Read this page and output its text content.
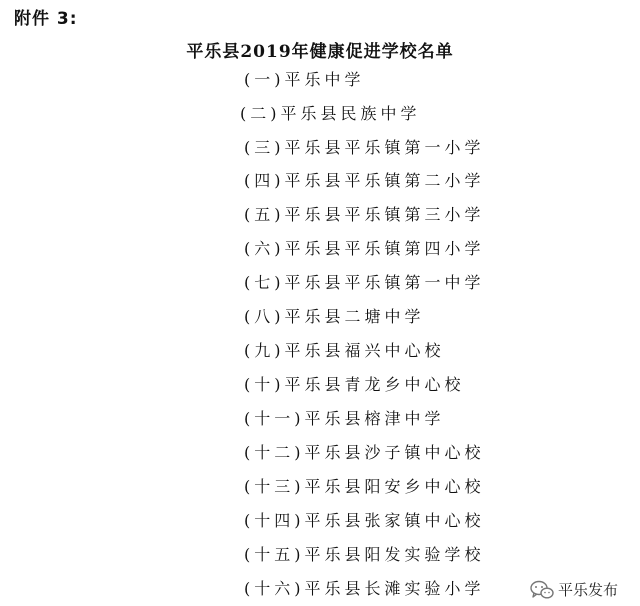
附件 3:
平乐县2019年健康促进学校名单
(一)平乐中学
(二)平乐县民族中学
(三)平乐县平乐镇第一小学
(四)平乐县平乐镇第二小学
(五)平乐县平乐镇第三小学
(六)平乐县平乐镇第四小学
(七)平乐县平乐镇第一中学
(八)平乐县二塘中学
(九)平乐县福兴中心校
(十)平乐县青龙乡中心校
(十一)平乐县榕津中学
(十二)平乐县沙子镇中心校
(十三)平乐县阳安乡中心校
(十四)平乐县张家镇中心校
(十五)平乐县阳发实验学校
(十六)平乐县长滩实验小学	平乐发布
